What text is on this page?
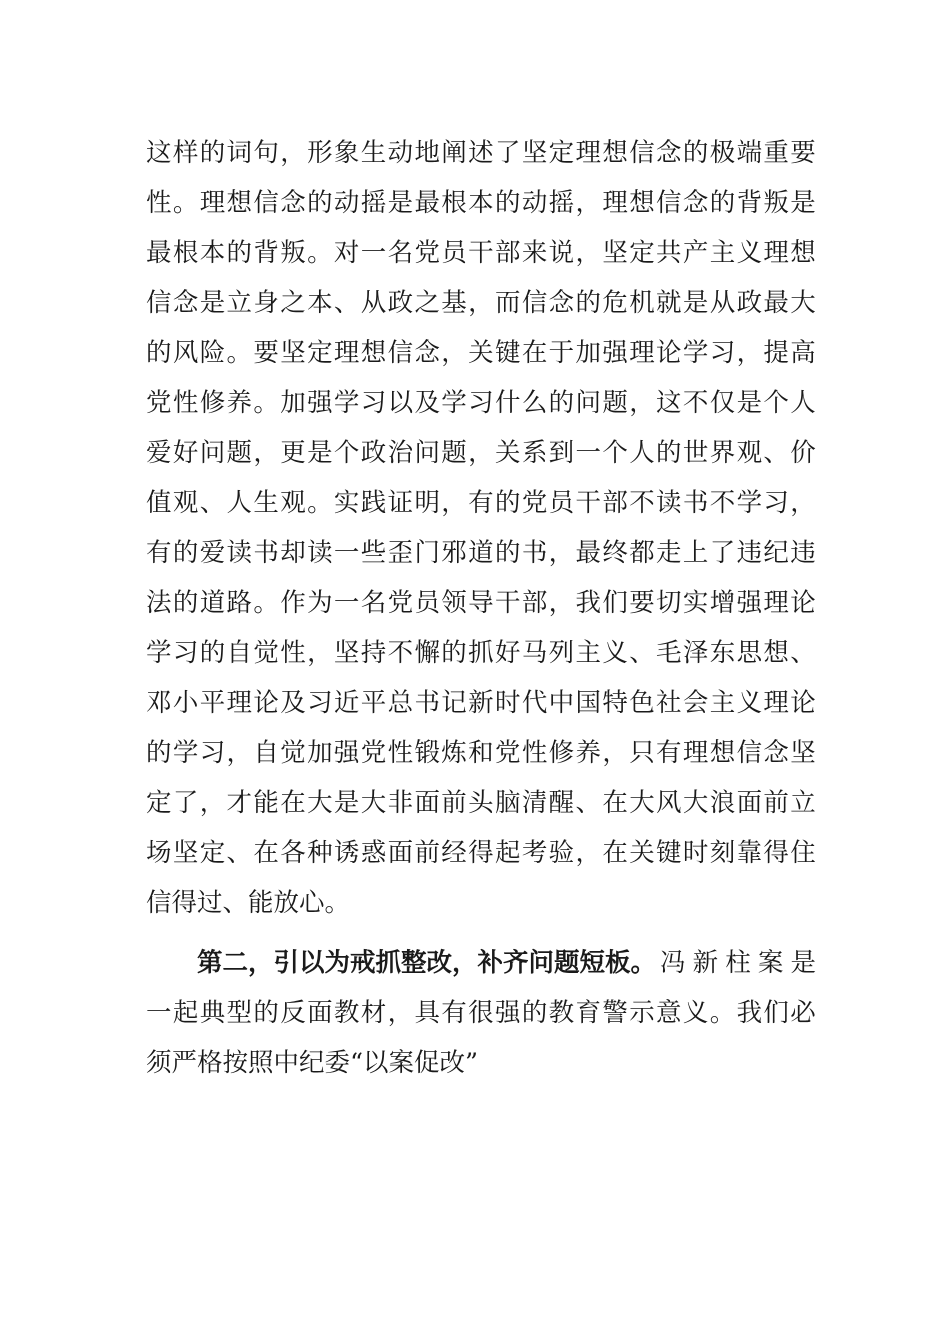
这 样 的 词 句 ， 形 象 生 动 地 阐 述 了 坚 定 理 想 信 念 的 极 端 重 要
性 。 理 想 信 念 的 动 摇 是 最 根 本 的 动 摇 ， 理 想 信 念 的 背 叛 是
最 根 本 的 背 叛 。 对 一 名 党 员 干 部 来 说 ， 坚 定 共 产 主 义 理 想
信 念 是 立 身 之 本 、 从 政 之 基 ， 而 信 念 的 危 机 就 是 从 政 最 大
的 风 险 。 要 坚 定 理 想 信 念 ， 关 键 在 于 加 强 理 论 学 习 ， 提 高
党 性 修 养 。 加 强 学 习 以 及 学 习 什 么 的 问 题 ， 这 不 仅 是 个 人
爱 好 问 题 ， 更 是 个 政 治 问 题 ， 关 系 到 一 个 人 的 世 界 观 、 价
值 观 、 人 生 观 。 实 践 证 明 ， 有 的 党 员 干 部 不 读 书 不 学 习 ，
有 的 爱 读 书 却 读 一 些 歪 门 邪 道 的 书 ， 最 终 都 走 上 了 违 纪 违
法 的 道 路 。 作 为 一 名 党 员 领 导 干 部 ， 我 们 要 切 实 增 强 理 论
学 习 的 自 觉 性 ， 坚 持 不 懈 的 抓 好 马 列 主 义 、 毛 泽 东 思 想 、
邓 小 平 理 论 及 习 近 平 总 书 记 新 时 代 中 国 特 色 社 会 主 义 理 论
的 学 习 ， 自 觉 加 强 党 性 锻 炼 和 党 性 修 养 ， 只 有 理 想 信 念 坚
定 了 ， 才 能 在 大 是 大 非 面 前 头 脑 清 醒 、 在 大 风 大 浪 面 前 立
场 坚 定 、 在 各 种 诱 惑 面 前 经 得 起 考 验 ， 在 关 键 时 刻 靠 得 住
信得过、能放心。
第二，引以为戒抓整改，补齐问题短板。 冯 新 柱 案 是
一 起 典 型 的 反 面 教 材 ， 具 有 很 强 的 教 育 警 示 意 义 。 我 们 必
须严格按照中纪委“以案促改”
